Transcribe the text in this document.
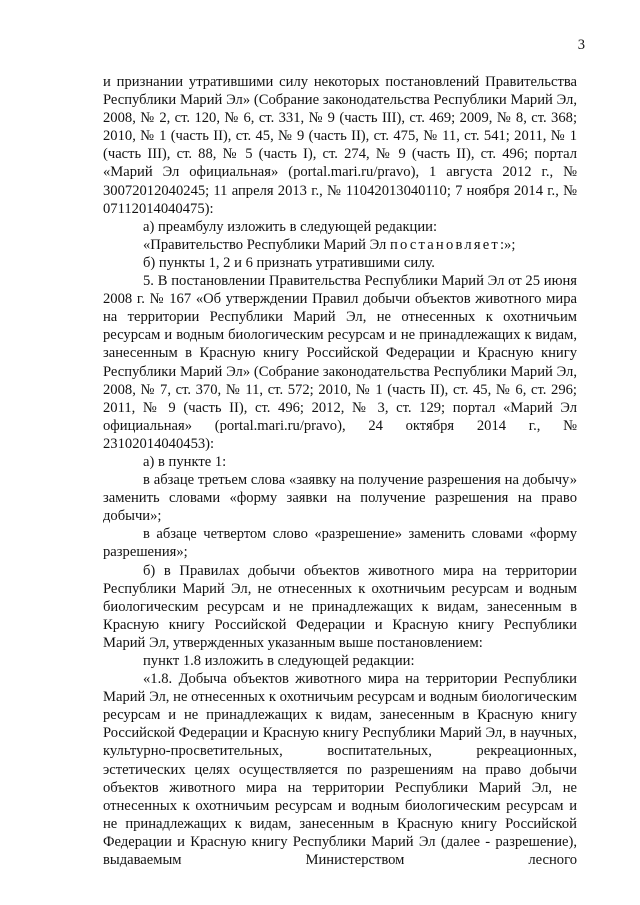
3

и признании утратившими силу некоторых постановлений Правительства Республики Марий Эл» (Собрание законодательства Республики Марий Эл, 2008, № 2, ст. 120, № 6, ст. 331, № 9 (часть III), ст. 469; 2009, № 8, ст. 368; 2010, № 1 (часть II), ст. 45, № 9 (часть II), ст. 475, № 11, ст. 541; 2011, № 1 (часть III), ст. 88, № 5 (часть I), ст. 274, № 9 (часть II), ст. 496; портал «Марий Эл официальная» (portal.mari.ru/pravo), 1 августа 2012 г., № 30072012040245; 11 апреля 2013 г., № 11042013040110; 7 ноября 2014 г., № 07112014040475):

а) преамбулу изложить в следующей редакции:

«Правительство Республики Марий Эл постановляет:»;

б) пункты 1, 2 и 6 признать утратившими силу.

5. В постановлении Правительства Республики Марий Эл от 25 июня 2008 г. № 167 «Об утверждении Правил добычи объектов животного мира на территории Республики Марий Эл, не отнесенных к охотничьим ресурсам и водным биологическим ресурсам и не принадлежащих к видам, занесенным в Красную книгу Российской Федерации и Красную книгу Республики Марий Эл» (Собрание законодательства Республики Марий Эл, 2008, № 7, ст. 370, № 11, ст. 572; 2010, № 1 (часть II), ст. 45, № 6, ст. 296; 2011, № 9 (часть II), ст. 496; 2012, № 3, ст. 129; портал «Марий Эл официальная» (portal.mari.ru/pravo), 24 октября 2014 г., № 23102014040453):

а) в пункте 1:

в абзаце третьем слова «заявку на получение разрешения на добычу» заменить словами «форму заявки на получение разрешения на право добычи»;

в абзаце четвертом слово «разрешение» заменить словами «форму разрешения»;

б) в Правилах добычи объектов животного мира на территории Республики Марий Эл, не отнесенных к охотничьим ресурсам и водным биологическим ресурсам и не принадлежащих к видам, занесенным в Красную книгу Российской Федерации и Красную книгу Республики Марий Эл, утвержденных указанным выше постановлением:

пункт 1.8 изложить в следующей редакции:

«1.8. Добыча объектов животного мира на территории Республики Марий Эл, не отнесенных к охотничьим ресурсам и водным биологическим ресурсам и не принадлежащих к видам, занесенным в Красную книгу Российской Федерации и Красную книгу Республики Марий Эл, в научных, культурно-просветительных, воспитательных, рекреационных, эстетических целях осуществляется по разрешениям на право добычи объектов животного мира на территории Республики Марий Эл, не отнесенных к охотничьим ресурсам и водным биологическим ресурсам и не принадлежащих к видам, занесенным в Красную книгу Российской Федерации и Красную книгу Республики Марий Эл (далее - разрешение), выдаваемым Министерством лесного
